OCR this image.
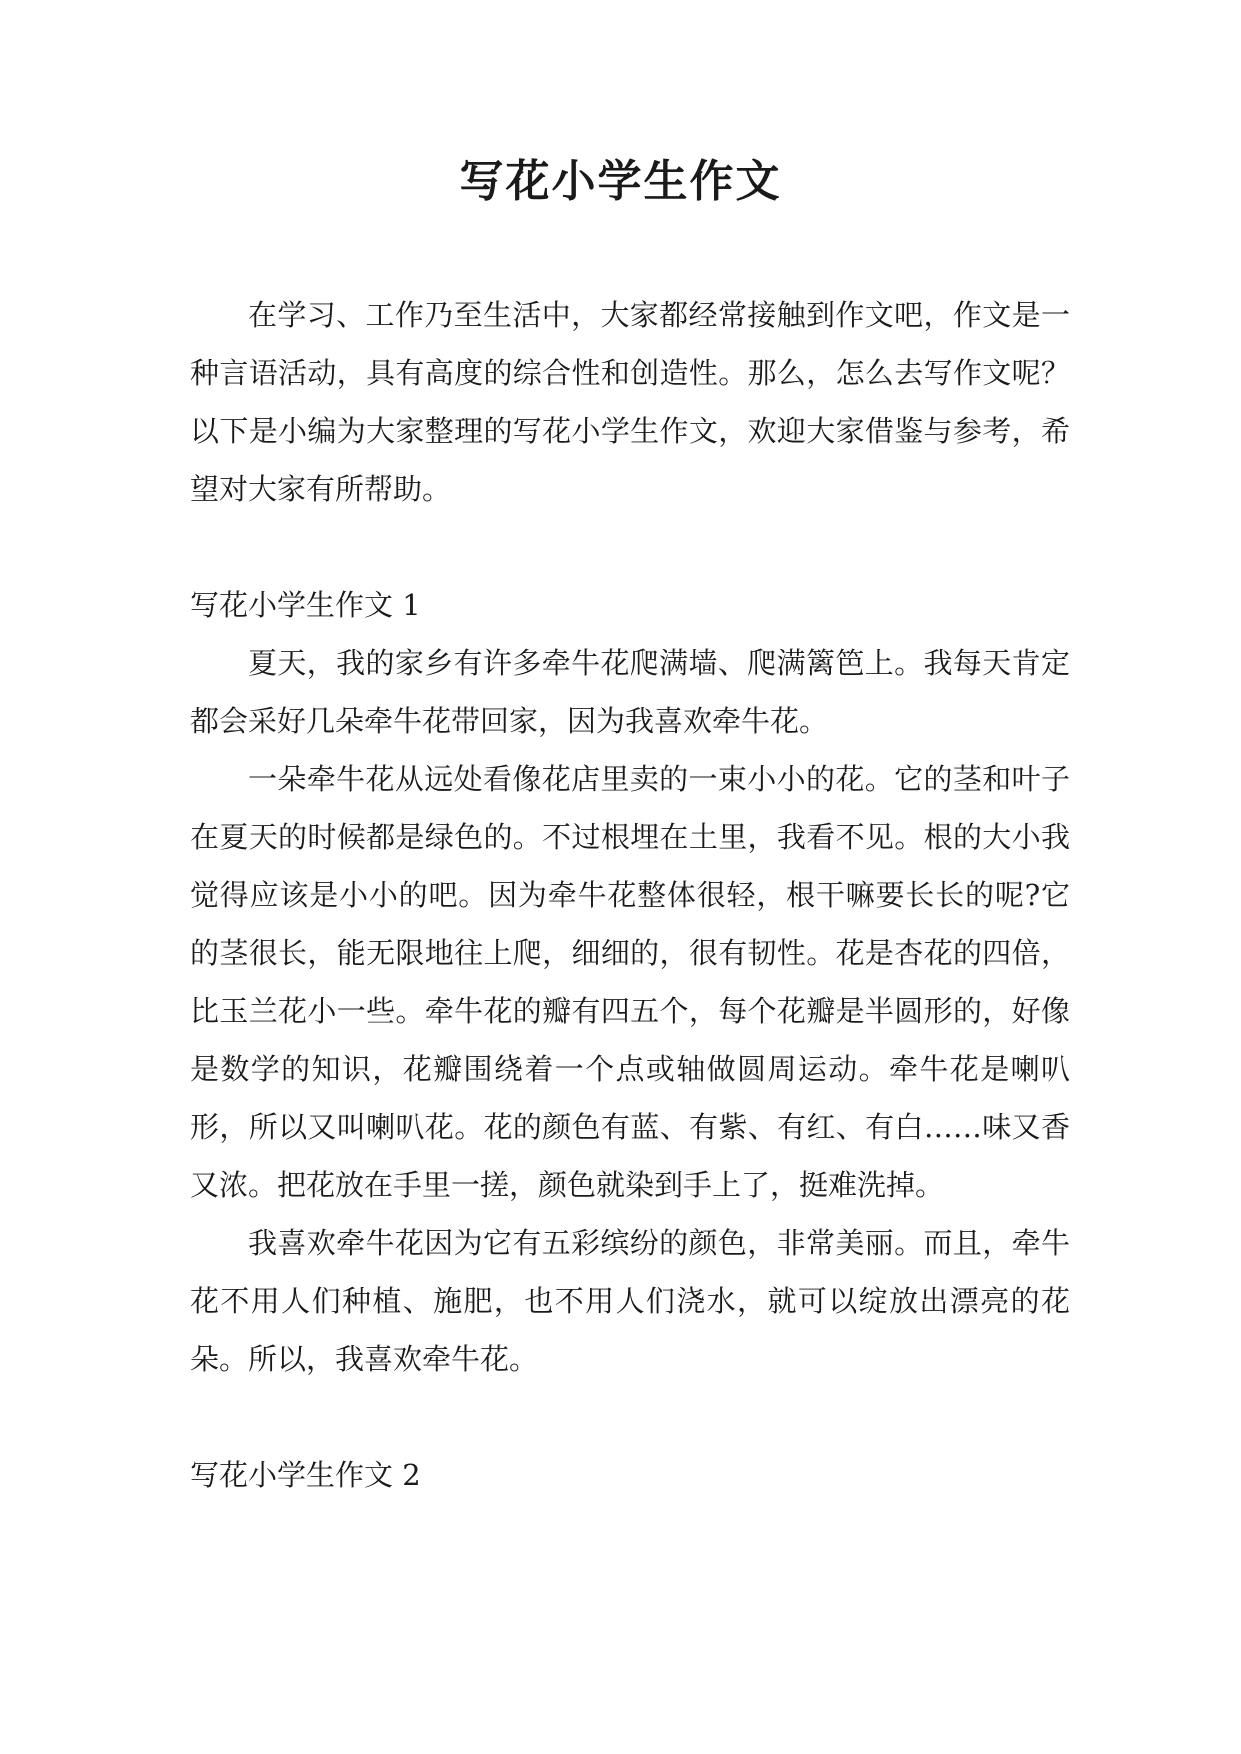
写花小学生作文

在学习、工作乃至生活中，大家都经常接触到作文吧，作文是一种言语活动，具有高度的综合性和创造性。那么，怎么去写作文呢？以下是小编为大家整理的写花小学生作文，欢迎大家借鉴与参考，希望对大家有所帮助。

写花小学生作文 1

夏天，我的家乡有许多牵牛花爬满墙、爬满篱笆上。我每天肯定都会采好几朵牵牛花带回家，因为我喜欢牵牛花。

一朵牵牛花从远处看像花店里卖的一束小小的花。它的茎和叶子在夏天的时候都是绿色的。不过根埋在土里，我看不见。根的大小我觉得应该是小小的吧。因为牵牛花整体很轻，根干嘛要长长的呢?它的茎很长，能无限地往上爬，细细的，很有韧性。花是杏花的四倍，比玉兰花小一些。牵牛花的瓣有四五个，每个花瓣是半圆形的，好像是数学的知识，花瓣围绕着一个点或轴做圆周运动。牵牛花是喇叭形，所以又叫喇叭花。花的颜色有蓝、有紫、有红、有白……味又香又浓。把花放在手里一搓，颜色就染到手上了，挺难洗掉。

我喜欢牵牛花因为它有五彩缤纷的颜色，非常美丽。而且，牵牛花不用人们种植、施肥，也不用人们浇水，就可以绽放出漂亮的花朵。所以，我喜欢牵牛花。

写花小学生作文 2
